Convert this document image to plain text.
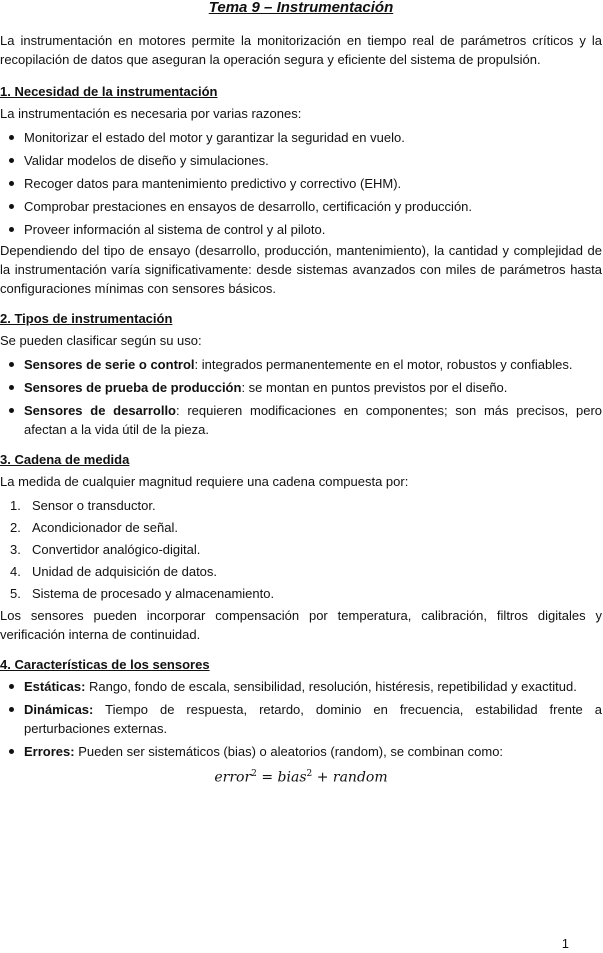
Tema 9 – Instrumentación

La instrumentación en motores permite la monitorización en tiempo real de parámetros críticos y la recopilación de datos que aseguran la operación segura y eficiente del sistema de propulsión.

1. Necesidad de la instrumentación

La instrumentación es necesaria por varias razones:

Monitorizar el estado del motor y garantizar la seguridad en vuelo.
Validar modelos de diseño y simulaciones.
Recoger datos para mantenimiento predictivo y correctivo (EHM).
Comprobar prestaciones en ensayos de desarrollo, certificación y producción.
Proveer información al sistema de control y al piloto.

Dependiendo del tipo de ensayo (desarrollo, producción, mantenimiento), la cantidad y complejidad de la instrumentación varía significativamente: desde sistemas avanzados con miles de parámetros hasta configuraciones mínimas con sensores básicos.

2. Tipos de instrumentación

Se pueden clasificar según su uso:

Sensores de serie o control: integrados permanentemente en el motor, robustos y confiables.
Sensores de prueba de producción: se montan en puntos previstos por el diseño.
Sensores de desarrollo: requieren modificaciones en componentes; son más precisos, pero afectan a la vida útil de la pieza.
3. Cadena de medida

La medida de cualquier magnitud requiere una cadena compuesta por:

1. Sensor o transductor.
2. Acondicionador de señal.
3. Convertidor analógico-digital.
4. Unidad de adquisición de datos.
5. Sistema de procesado y almacenamiento.

Los sensores pueden incorporar compensación por temperatura, calibración, filtros digitales y verificación interna de continuidad.

4. Características de los sensores
Estáticas: Rango, fondo de escala, sensibilidad, resolución, histéresis, repetibilidad y exactitud.
Dinámicas: Tiempo de respuesta, retardo, dominio en frecuencia, estabilidad frente a perturbaciones externas.
Errores: Pueden ser sistemáticos (bias) o aleatorios (random), se combinan como:
error$^2$ = bias$^2$ + random
1
